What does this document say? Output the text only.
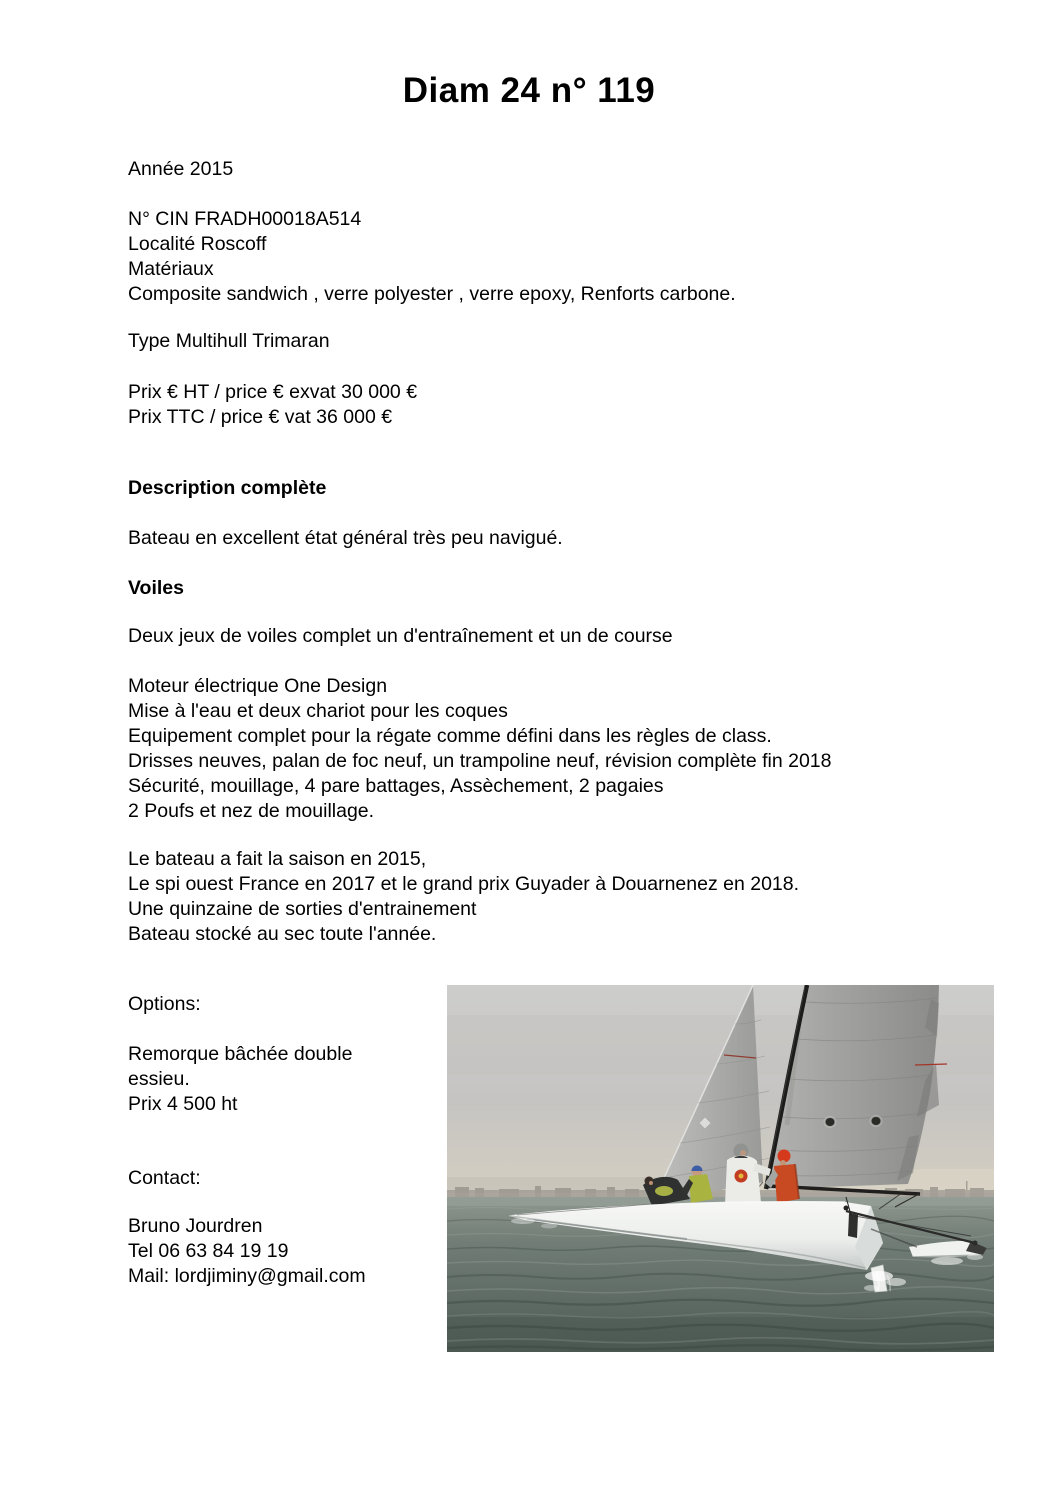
Diam 24 n° 119
Année 2015
N° CIN FRADH00018A514
Localité Roscoff
Matériaux
Composite sandwich , verre polyester , verre epoxy, Renforts carbone.
Type Multihull Trimaran
Prix € HT / price € exvat 30 000 €
Prix TTC / price € vat 36 000 €
Description complète
Bateau en excellent état général très peu navigué.
Voiles
Deux jeux de voiles complet un d'entraînement et un de course
Moteur électrique One Design
Mise à l'eau et deux chariot pour les coques
Equipement complet pour la régate comme défini dans les règles de class.
Drisses neuves, palan de foc neuf, un trampoline neuf, révision complète fin 2018
Sécurité, mouillage, 4 pare battages, Assèchement, 2 pagaies
2 Poufs et nez de mouillage.
Le bateau a fait la saison en 2015,
Le spi ouest France en 2017 et le grand prix Guyader à Douarnenez en 2018.
Une quinzaine de sorties d'entrainement
Bateau stocké au sec toute l'année.
Options:
Remorque bâchée double
essieu.
Prix 4 500 ht
Contact:
Bruno Jourdren
Tel 06 63 84 19 19
Mail: lordjiminy@gmail.com
